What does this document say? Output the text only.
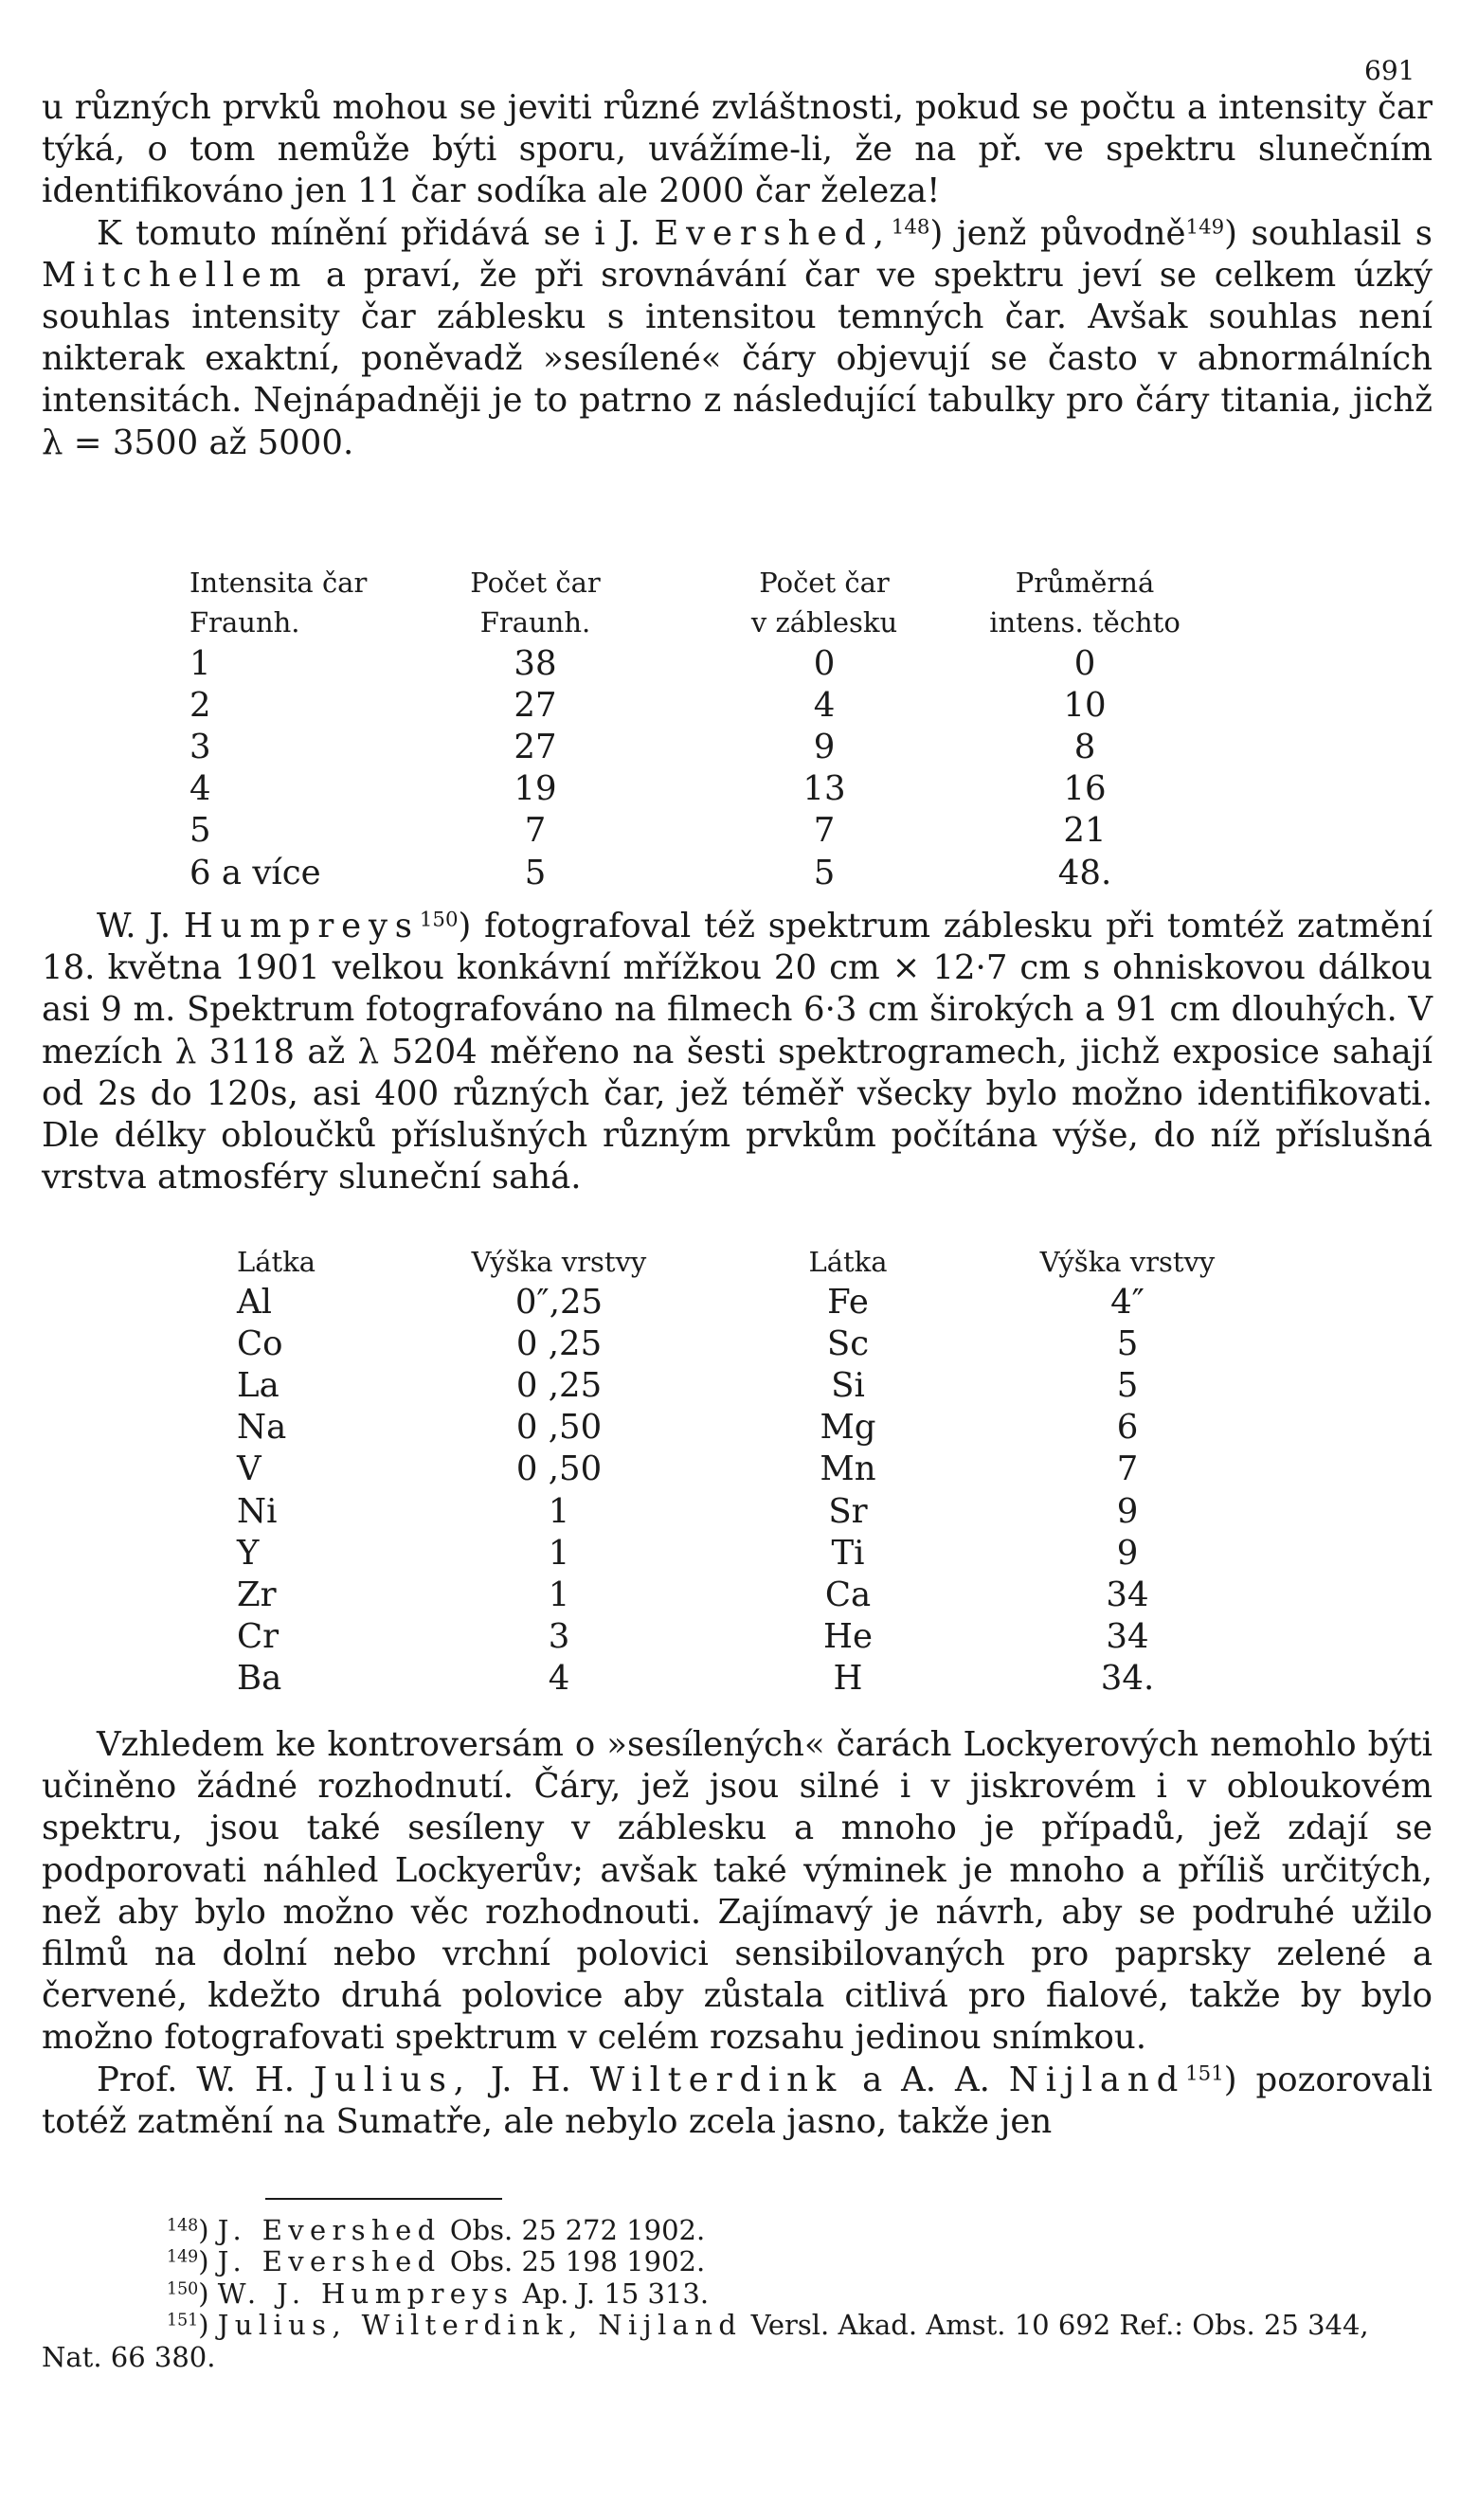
691

u různých prvků mohou se jeviti různé zvláštnosti, pokud se počtu a intensity čar týká, o tom nemůže býti sporu, uvážíme-li, že na př. ve spektru slunečním identifikováno jen 11 čar sodíka ale 2000 čar železa!

K tomuto mínění přidává se i J. Evershed,$^{148}$) jenž původně$^{149}$) souhlasil s Mitchellem a praví, že při srovnávání čar ve spektru jeví se celkem úzký souhlas intensity čar záblesku s intensitou temných čar. Avšak souhlas není nikterak exaktní, poněvadž »sesílené« čáry objevují se často v abnormálních intensitách. Nejnápadněji je to patrno z následující tabulky pro čáry titania, jichž λ = 3500 až 5000.

Intensita čar	Počet čar	Počet čar	Průměrná
Fraunh.	Fraunh.	v záblesku	intens. těchto
1	38	0	0
2	27	4	10
3	27	9	8
4	19	13	16
5	7	7	21
6 a více	5	5	48.

W. J. Humpreys$^{150}$) fotografoval též spektrum záblesku při tomtéž zatmění 18. května 1901 velkou konkávní mřížkou 20 cm × 12·7 cm s ohniskovou dálkou asi 9 m. Spektrum fotografováno na filmech 6·3 cm širokých a 91 cm dlouhých. V mezích λ 3118 až λ 5204 měřeno na šesti spektrogramech, jichž exposice sahají od 2s do 120s, asi 400 různých čar, jež téměř všecky bylo možno identifikovati. Dle délky obloučků příslušných různým prvkům počítána výše, do níž příslušná vrstva atmosféry sluneční sahá.

Látka	Výška vrstvy	Látka	Výška vrstvy
Al	0″,25	Fe	4″
Co	0 ,25	Sc	5
La	0 ,25	Si	5
Na	0 ,50	Mg	6
V	0 ,50	Mn	7
Ni	1	Sr	9
Y	1	Ti	9
Zr	1	Ca	34
Cr	3	He	34
Ba	4	H	34.

Vzhledem ke kontroversám o »sesílených« čarách Lockyerových nemohlo býti učiněno žádné rozhodnutí. Čáry, jež jsou silné i v jiskrovém i v obloukovém spektru, jsou také sesíleny v záblesku a mnoho je případů, jež zdají se podporovati náhled Lockyerův; avšak také výminek je mnoho a příliš určitých, než aby bylo možno věc rozhodnouti. Zajímavý je návrh, aby se podruhé užilo filmů na dolní nebo vrchní polovici sensibilovaných pro paprsky zelené a červené, kdežto druhá polovice aby zůstala citlivá pro fialové, takže by bylo možno fotografovati spektrum v celém rozsahu jedinou snímkou.

Prof. W. H. Julius, J. H. Wilterdink a A. A. Nijland$^{151}$) pozorovali totéž zatmění na Sumatře, ale nebylo zcela jasno, takže jen

$^{148}$) J. Evershed Obs. 25 272 1902.

$^{149}$) J. Evershed Obs. 25 198 1902.

$^{150}$) W. J. Humpreys Ap. J. 15 313.

$^{151}$) Julius, Wilterdink, Nijland Versl. Akad. Amst. 10 692 Ref.: Obs. 25 344, Nat. 66 380.
